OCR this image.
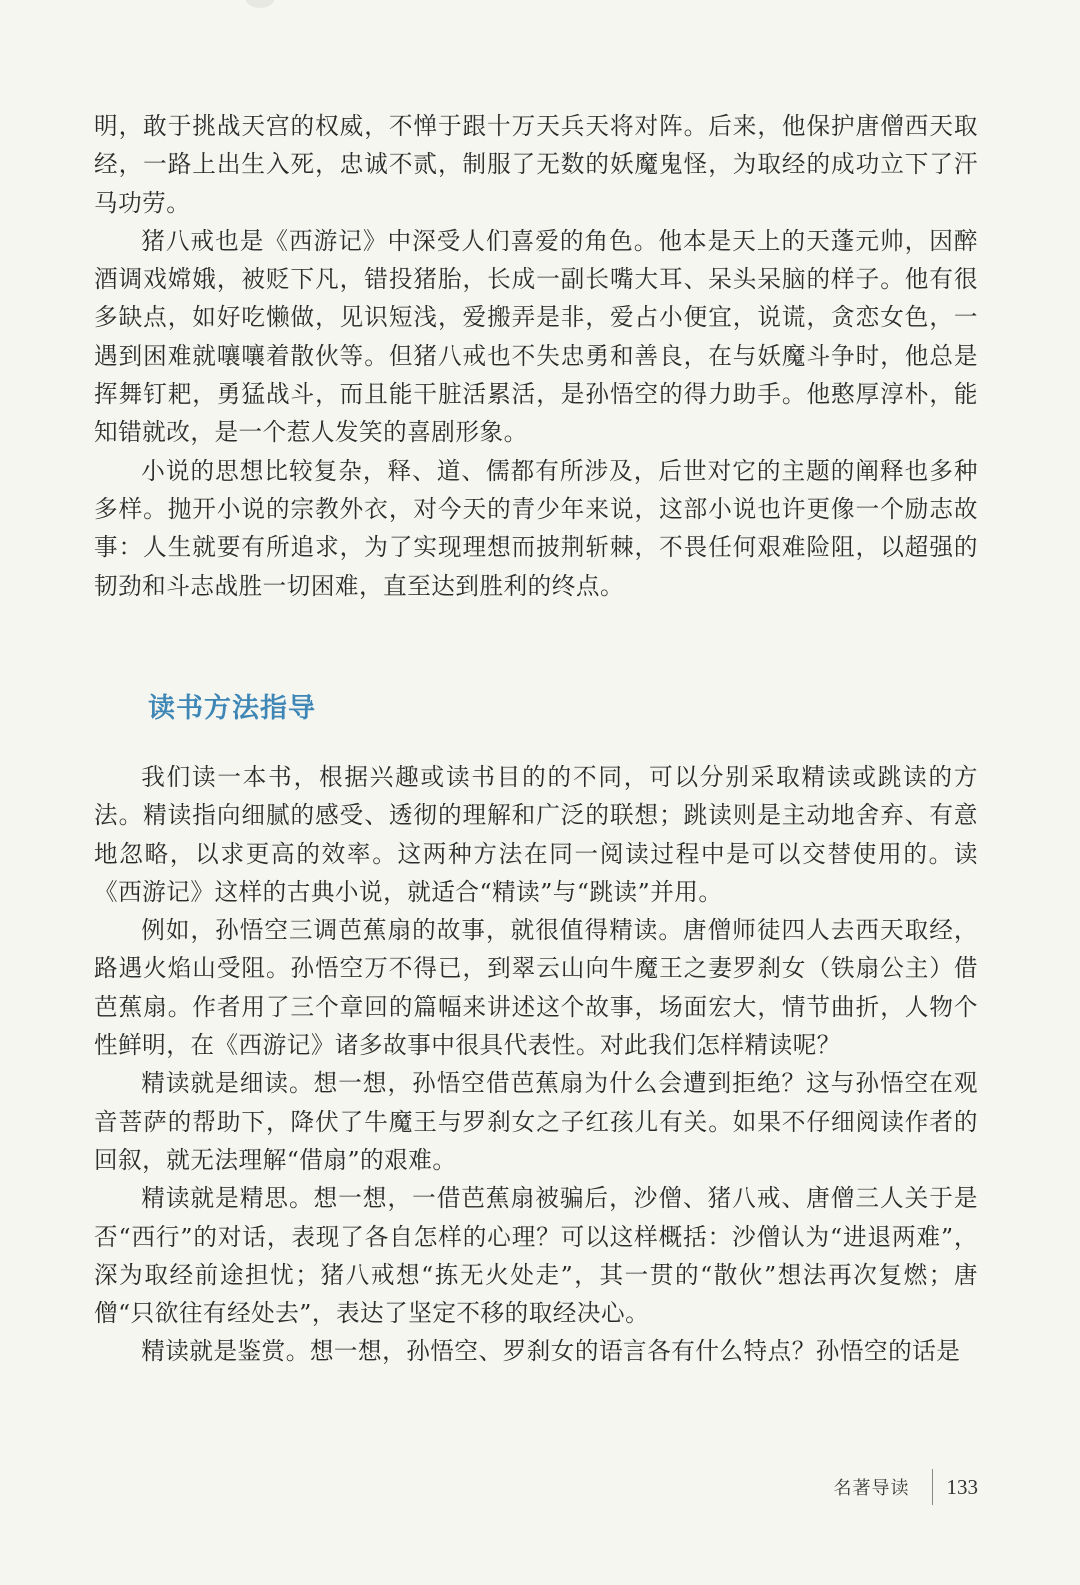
明，敢于挑战天宫的权威，不惮于跟十万天兵天将对阵。后来，他保护唐僧西天取经，一路上出生入死，忠诚不贰，制服了无数的妖魔鬼怪，为取经的成功立下了汗马功劳。

猪八戒也是《西游记》中深受人们喜爱的角色。他本是天上的天蓬元帅，因醉酒调戏嫦娥，被贬下凡，错投猪胎，长成一副长嘴大耳、呆头呆脑的样子。他有很多缺点，如好吃懒做，见识短浅，爱搬弄是非，爱占小便宜，说谎，贪恋女色，一遇到困难就嚷嚷着散伙等。但猪八戒也不失忠勇和善良，在与妖魔斗争时，他总是挥舞钉耙，勇猛战斗，而且能干脏活累活，是孙悟空的得力助手。他憨厚淳朴，能知错就改，是一个惹人发笑的喜剧形象。

小说的思想比较复杂，释、道、儒都有所涉及，后世对它的主题的阐释也多种多样。抛开小说的宗教外衣，对今天的青少年来说，这部小说也许更像一个励志故事：人生就要有所追求，为了实现理想而披荆斩棘，不畏任何艰难险阻，以超强的韧劲和斗志战胜一切困难，直至达到胜利的终点。

读书方法指导

我们读一本书，根据兴趣或读书目的的不同，可以分别采取精读或跳读的方法。精读指向细腻的感受、透彻的理解和广泛的联想；跳读则是主动地舍弃、有意地忽略，以求更高的效率。这两种方法在同一阅读过程中是可以交替使用的。读《西游记》这样的古典小说，就适合“精读”与“跳读”并用。

例如，孙悟空三调芭蕉扇的故事，就很值得精读。唐僧师徒四人去西天取经，路遇火焰山受阻。孙悟空万不得已，到翠云山向牛魔王之妻罗刹女（铁扇公主）借芭蕉扇。作者用了三个章回的篇幅来讲述这个故事，场面宏大，情节曲折，人物个性鲜明，在《西游记》诸多故事中很具代表性。对此我们怎样精读呢？

精读就是细读。想一想，孙悟空借芭蕉扇为什么会遭到拒绝？这与孙悟空在观音菩萨的帮助下，降伏了牛魔王与罗刹女之子红孩儿有关。如果不仔细阅读作者的回叙，就无法理解“借扇”的艰难。

精读就是精思。想一想，一借芭蕉扇被骗后，沙僧、猪八戒、唐僧三人关于是否“西行”的对话，表现了各自怎样的心理？可以这样概括：沙僧认为“进退两难”，深为取经前途担忧；猪八戒想“拣无火处走”，其一贯的“散伙”想法再次复燃；唐僧“只欲往有经处去”，表达了坚定不移的取经决心。

精读就是鉴赏。想一想，孙悟空、罗刹女的语言各有什么特点？孙悟空的话是

名著导读 133
